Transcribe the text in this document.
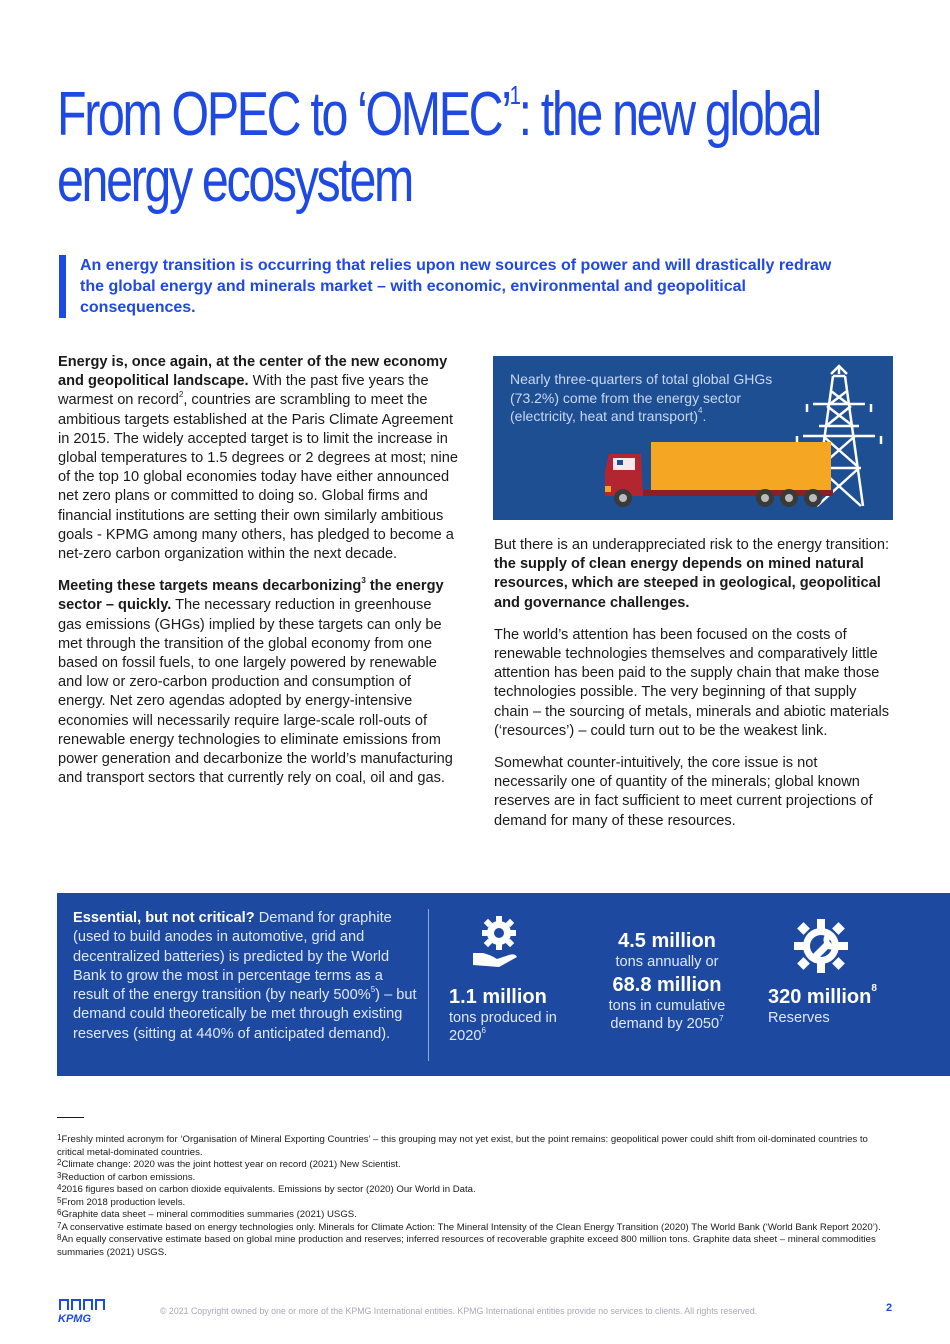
From OPEC to ‘OMEC’$^1$: the new global
energy ecosystem

An energy transition is occurring that relies upon new sources of power and will drastically redraw the global energy and minerals market – with economic, environmental and geopolitical consequences.

Energy is, once again, at the center of the new economy and geopolitical landscape. With the past five years the warmest on record$^2$, countries are scrambling to meet the ambitious targets established at the Paris Climate Agreement in 2015. The widely accepted target is to limit the increase in global temperatures to 1.5 degrees or 2 degrees at most; nine of the top 10 global economies today have either announced net zero plans or committed to doing so. Global firms and financial institutions are setting their own similarly ambitious goals - KPMG among many others, has pledged to become a net-zero carbon organization within the next decade.

Meeting these targets means decarbonizing$^3$ the energy sector – quickly. The necessary reduction in greenhouse gas emissions (GHGs) implied by these targets can only be met through the transition of the global economy from one based on fossil fuels, to one largely powered by renewable and low or zero-carbon production and consumption of energy. Net zero agendas adopted by energy-intensive economies will necessarily require large-scale roll-outs of renewable energy technologies to eliminate emissions from power generation and decarbonize the world’s manufacturing and transport sectors that currently rely on coal, oil and gas.

Nearly three-quarters of total global GHGs (73.2%) come from the energy sector (electricity, heat and transport)$^4$.

But there is an underappreciated risk to the energy transition: the supply of clean energy depends on mined natural resources, which are steeped in geological, geopolitical and governance challenges.

The world’s attention has been focused on the costs of renewable technologies themselves and comparatively little attention has been paid to the supply chain that make those technologies possible. The very beginning of that supply chain – the sourcing of metals, minerals and abiotic materials (‘resources’) – could turn out to be the weakest link.

Somewhat counter-intuitively, the core issue is not necessarily one of quantity of the minerals; global known reserves are in fact sufficient to meet current projections of demand for many of these resources.

Essential, but not critical? Demand for graphite (used to build anodes in automotive, grid and decentralized batteries) is predicted by the World Bank to grow the most in percentage terms as a result of the energy transition (by nearly 500%$^5$) – but demand could theoretically be met through existing reserves (sitting at 440% of anticipated demand).

1.1 million
tons produced in 2020$^6$
4.5 million
tons annually or
68.8 million
tons in cumulative demand by 2050$^7$
320 million$^8$
Reserves

$^1$Freshly minted acronym for ‘Organisation of Mineral Exporting Countries’ – this grouping may not yet exist, but the point remains: geopolitical power could shift from oil-dominated countries to critical metal-dominated countries.

$^2$Climate change: 2020 was the joint hottest year on record (2021) New Scientist.

$^3$Reduction of carbon emissions.

$^4$2016 figures based on carbon dioxide equivalents. Emissions by sector (2020) Our World in Data.

$^5$From 2018 production levels.

$^6$Graphite data sheet – mineral commodities summaries (2021) USGS.

$^7$A conservative estimate based on energy technologies only. Minerals for Climate Action: The Mineral Intensity of the Clean Energy Transition (2020) The World Bank (‘World Bank Report 2020’).

$^8$An equally conservative estimate based on global mine production and reserves; inferred resources of recoverable graphite exceed 800 million tons. Graphite data sheet – mineral commodities summaries (2021) USGS.

KPMG
© 2021 Copyright owned by one or more of the KPMG International entities. KPMG International entities provide no services to clients. All rights reserved.	2
